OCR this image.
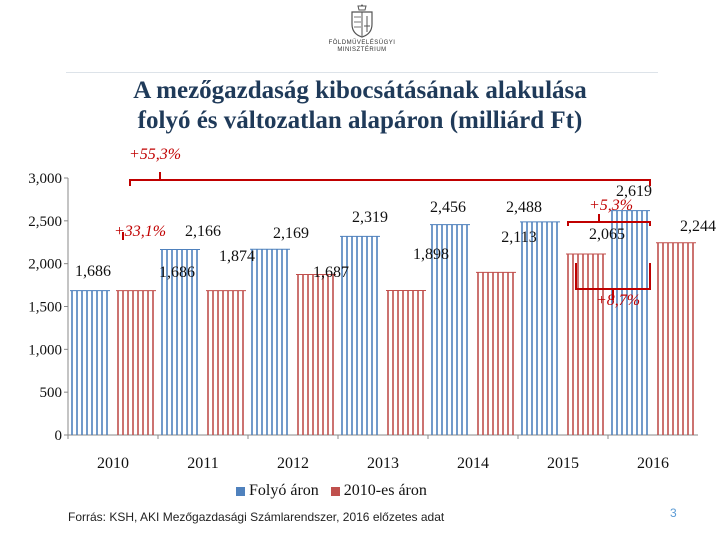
FÖLDMŰVELÉSÜGYI
MINISZTÉRIUM
A mezőgazdaság kibocsátásának alakulása
folyó és változatlan alapáron (milliárd Ft)
0
500
1,000
1,500
2,000
2,500
3,000
2010	2011	2012	2013	2014	2015	2016
1,686
2,166
1,686
2,169
1,874
2,319
1,687
2,456
1,898
2,488
2,113
2,619
2,244
2,065
+55,3%
+33,1%
+5,3%
+8,7%
Folyó áron 2010-es áron
Forrás: KSH, AKI Mezőgazdasági Számlarendszer, 2016 előzetes adat	3
